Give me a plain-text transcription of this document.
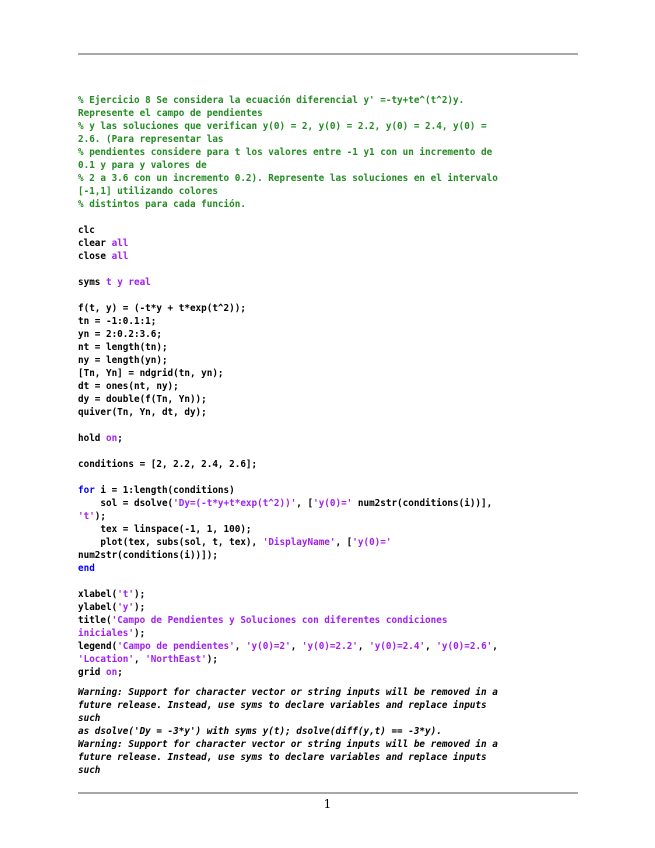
% Ejercicio 8 Se considera la ecuación diferencial y' =-ty+te^(t^2)y.
Represente el campo de pendientes
% y las soluciones que verifican y(0) = 2, y(0) = 2.2, y(0) = 2.4, y(0) =
2.6. (Para representar las
% pendientes considere para t los valores entre -1 y1 con un incremento de
0.1 y para y valores de
% 2 a 3.6 con un incremento 0.2). Represente las soluciones en el intervalo
[-1,1] utilizando colores
% distintos para cada función.
clc
clear all
close all
syms t y real
f(t, y) = (-t*y + t*exp(t^2));
tn = -1:0.1:1;
yn = 2:0.2:3.6;
nt = length(tn);
ny = length(yn);
[Tn, Yn] = ndgrid(tn, yn);
dt = ones(nt, ny);
dy = double(f(Tn, Yn));
quiver(Tn, Yn, dt, dy);
hold on;
conditions = [2, 2.2, 2.4, 2.6];
for i = 1:length(conditions)
sol = dsolve('Dy=(-t*y+t*exp(t^2))', ['y(0)=' num2str(conditions(i))],
't');
tex = linspace(-1, 1, 100);
plot(tex, subs(sol, t, tex), 'DisplayName', ['y(0)='
num2str(conditions(i))]);
end
xlabel('t');
ylabel('y');
title('Campo de Pendientes y Soluciones con diferentes condiciones
iniciales');
legend('Campo de pendientes', 'y(0)=2', 'y(0)=2.2', 'y(0)=2.4', 'y(0)=2.6',
'Location', 'NorthEast');
grid on;
Warning: Support for character vector or string inputs will be removed in a
future release. Instead, use syms to declare variables and replace inputs
such
as dsolve('Dy = -3*y') with syms y(t); dsolve(diff(y,t) == -3*y).
Warning: Support for character vector or string inputs will be removed in a
future release. Instead, use syms to declare variables and replace inputs
such
1
